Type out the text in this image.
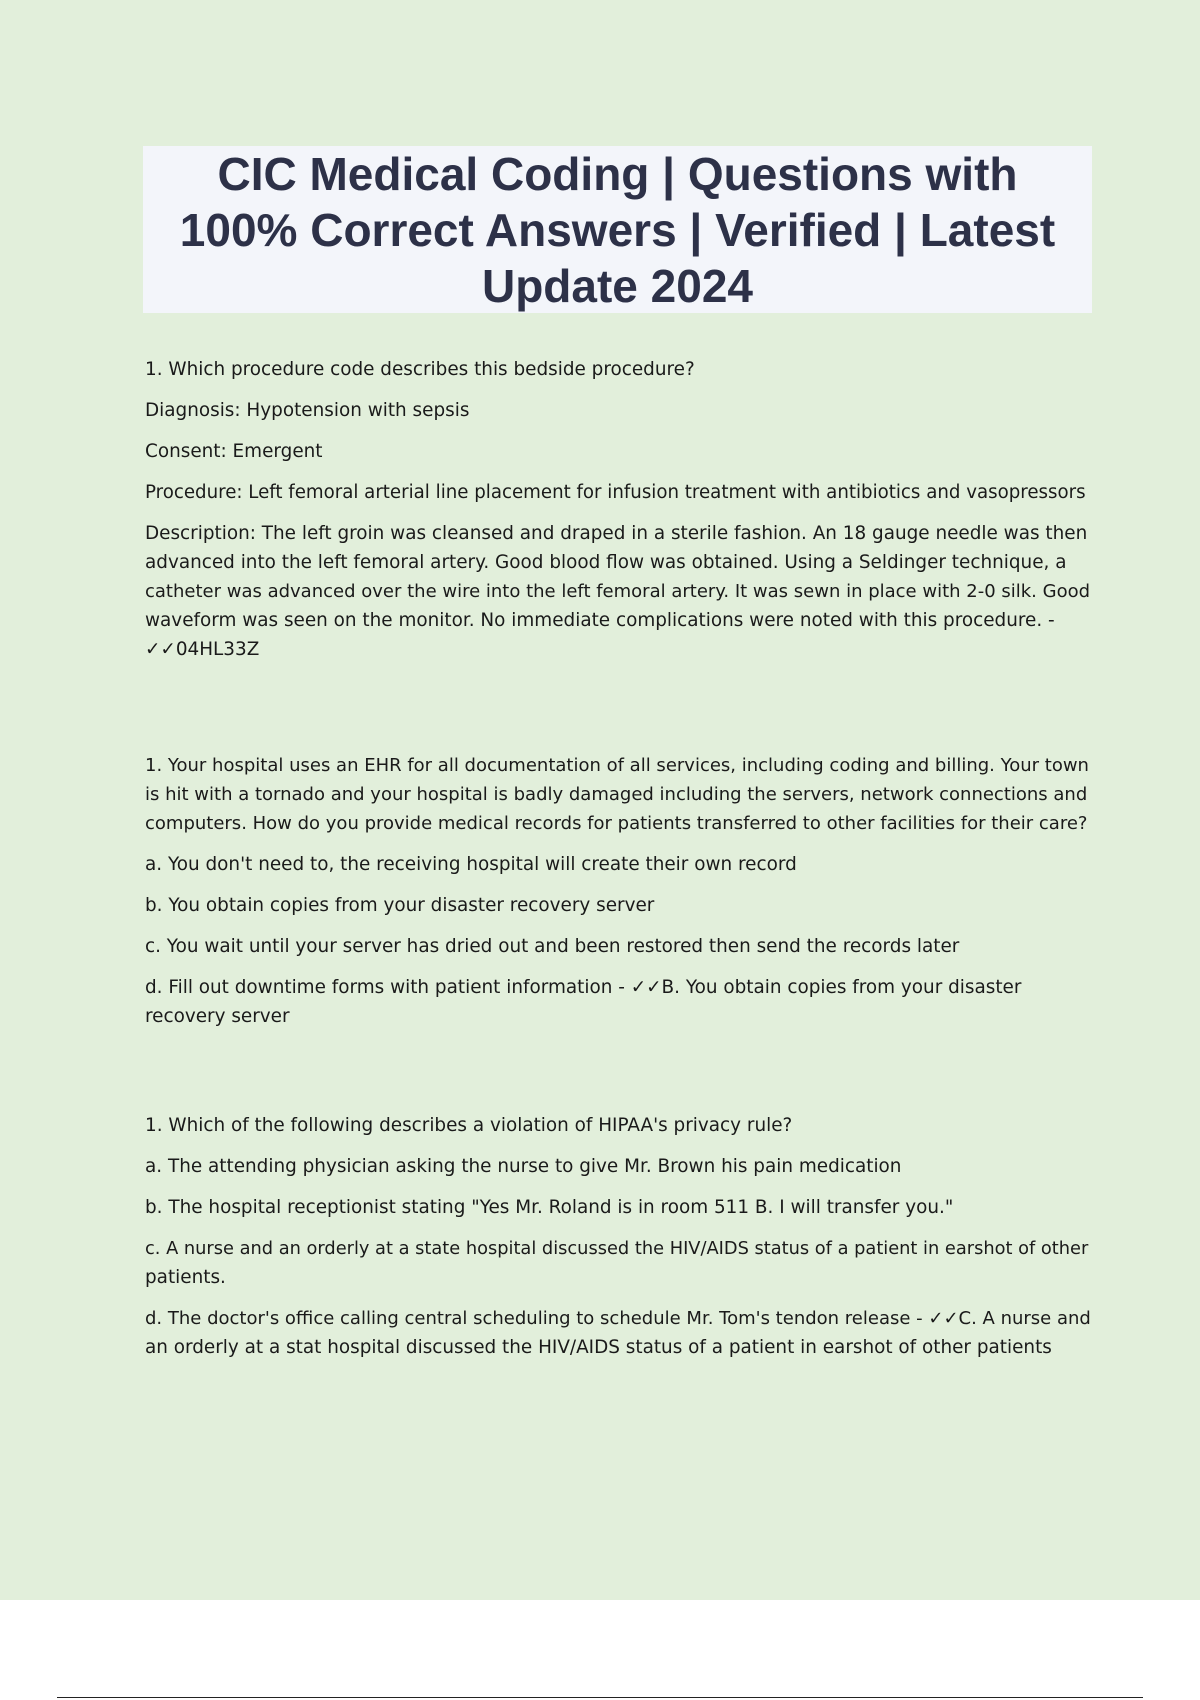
CIC Medical Coding | Questions with
100% Correct Answers | Verified | Latest
Update 2024
1. Which procedure code describes this bedside procedure?
Diagnosis: Hypotension with sepsis
Consent: Emergent
Procedure: Left femoral arterial line placement for infusion treatment with antibiotics and vasopressors
Description: The left groin was cleansed and draped in a sterile fashion. An 18 gauge needle was then
advanced into the left femoral artery. Good blood flow was obtained. Using a Seldinger technique, a
catheter was advanced over the wire into the left femoral artery. It was sewn in place with 2-0 silk. Good
waveform was seen on the monitor. No immediate complications were noted with this procedure. -
✓✓04HL33Z
1. Your hospital uses an EHR for all documentation of all services, including coding and billing. Your town
is hit with a tornado and your hospital is badly damaged including the servers, network connections and
computers. How do you provide medical records for patients transferred to other facilities for their care?
a. You don't need to, the receiving hospital will create their own record
b. You obtain copies from your disaster recovery server
c. You wait until your server has dried out and been restored then send the records later
d. Fill out downtime forms with patient information - ✓✓B. You obtain copies from your disaster
recovery server
1. Which of the following describes a violation of HIPAA's privacy rule?
a. The attending physician asking the nurse to give Mr. Brown his pain medication
b. The hospital receptionist stating "Yes Mr. Roland is in room 511 B. I will transfer you."
c. A nurse and an orderly at a state hospital discussed the HIV/AIDS status of a patient in earshot of other
patients.
d. The doctor's office calling central scheduling to schedule Mr. Tom's tendon release - ✓✓C. A nurse and
an orderly at a stat hospital discussed the HIV/AIDS status of a patient in earshot of other patients
